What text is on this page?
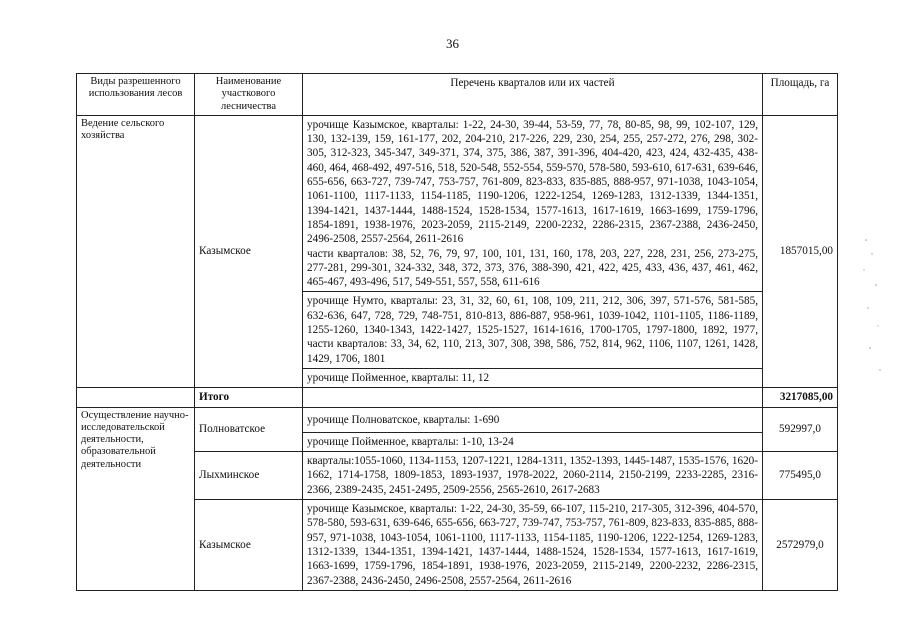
36
Виды разрешенного использования лесов	Наименование участкового лесничества	Перечень кварталов или их частей	Площадь, га
Ведение сельского хозяйства	Казымское	урочище Казымское, кварталы: 1-22, 24-30, 39-44, 53-59, 77, 78, 80-85, 98, 99, 102-107, 129, 130, 132-139, 159, 161-177, 202, 204-210, 217-226, 229, 230, 254, 255, 257-272, 276, 298, 302-305, 312-323, 345-347, 349-371, 374, 375, 386, 387, 391-396, 404-420, 423, 424, 432-435, 438-460, 464, 468-492, 497-516, 518, 520-548, 552-554, 559-570, 578-580, 593-610, 617-631, 639-646, 655-656, 663-727, 739-747, 753-757, 761-809, 823-833, 835-885, 888-957, 971-1038, 1043-1054, 1061-1100, 1117-1133, 1154-1185, 1190-1206, 1222-1254, 1269-1283, 1312-1339, 1344-1351, 1394-1421, 1437-1444, 1488-1524, 1528-1534, 1577-1613, 1617-1619, 1663-1699, 1759-1796, 1854-1891, 1938-1976, 2023-2059, 2115-2149, 2200-2232, 2286-2315, 2367-2388, 2436-2450, 2496-2508, 2557-2564, 2611-2616
части кварталов: 38, 52, 76, 79, 97, 100, 101, 131, 160, 178, 203, 227, 228, 231, 256, 273-275, 277-281, 299-301, 324-332, 348, 372, 373, 376, 388-390, 421, 422, 425, 433, 436, 437, 461, 462, 465-467, 493-496, 517, 549-551, 557, 558, 611-616	1857015,00
		урочище Нумто, кварталы: 23, 31, 32, 60, 61, 108, 109, 211, 212, 306, 397, 571-576, 581-585, 632-636, 647, 728, 729, 748-751, 810-813, 886-887, 958-961, 1039-1042, 1101-1105, 1186-1189, 1255-1260, 1340-1343, 1422-1427, 1525-1527, 1614-1616, 1700-1705, 1797-1800, 1892, 1977, части кварталов: 33, 34, 62, 110, 213, 307, 308, 398, 586, 752, 814, 962, 1106, 1107, 1261, 1428, 1429, 1706, 1801	
		урочище Пойменное, кварталы: 11, 12	
	Итого		3217085,00
Осуществление научно-исследовательской деятельности, образовательной деятельности	Полноватское	урочище Полноватское, кварталы: 1-690	592997,0
		урочище Пойменное, кварталы: 1-10, 13-24	
	Лыхминское	кварталы:1055-1060, 1134-1153, 1207-1221, 1284-1311, 1352-1393, 1445-1487, 1535-1576, 1620-1662, 1714-1758, 1809-1853, 1893-1937, 1978-2022, 2060-2114, 2150-2199, 2233-2285, 2316-2366, 2389-2435, 2451-2495, 2509-2556, 2565-2610, 2617-2683	775495,0
	Казымское	урочище Казымское, кварталы: 1-22, 24-30, 35-59, 66-107, 115-210, 217-305, 312-396, 404-570, 578-580, 593-631, 639-646, 655-656, 663-727, 739-747, 753-757, 761-809, 823-833, 835-885, 888-957, 971-1038, 1043-1054, 1061-1100, 1117-1133, 1154-1185, 1190-1206, 1222-1254, 1269-1283, 1312-1339, 1344-1351, 1394-1421, 1437-1444, 1488-1524, 1528-1534, 1577-1613, 1617-1619, 1663-1699, 1759-1796, 1854-1891, 1938-1976, 2023-2059, 2115-2149, 2200-2232, 2286-2315, 2367-2388, 2436-2450, 2496-2508, 2557-2564, 2611-2616	2572979,0
